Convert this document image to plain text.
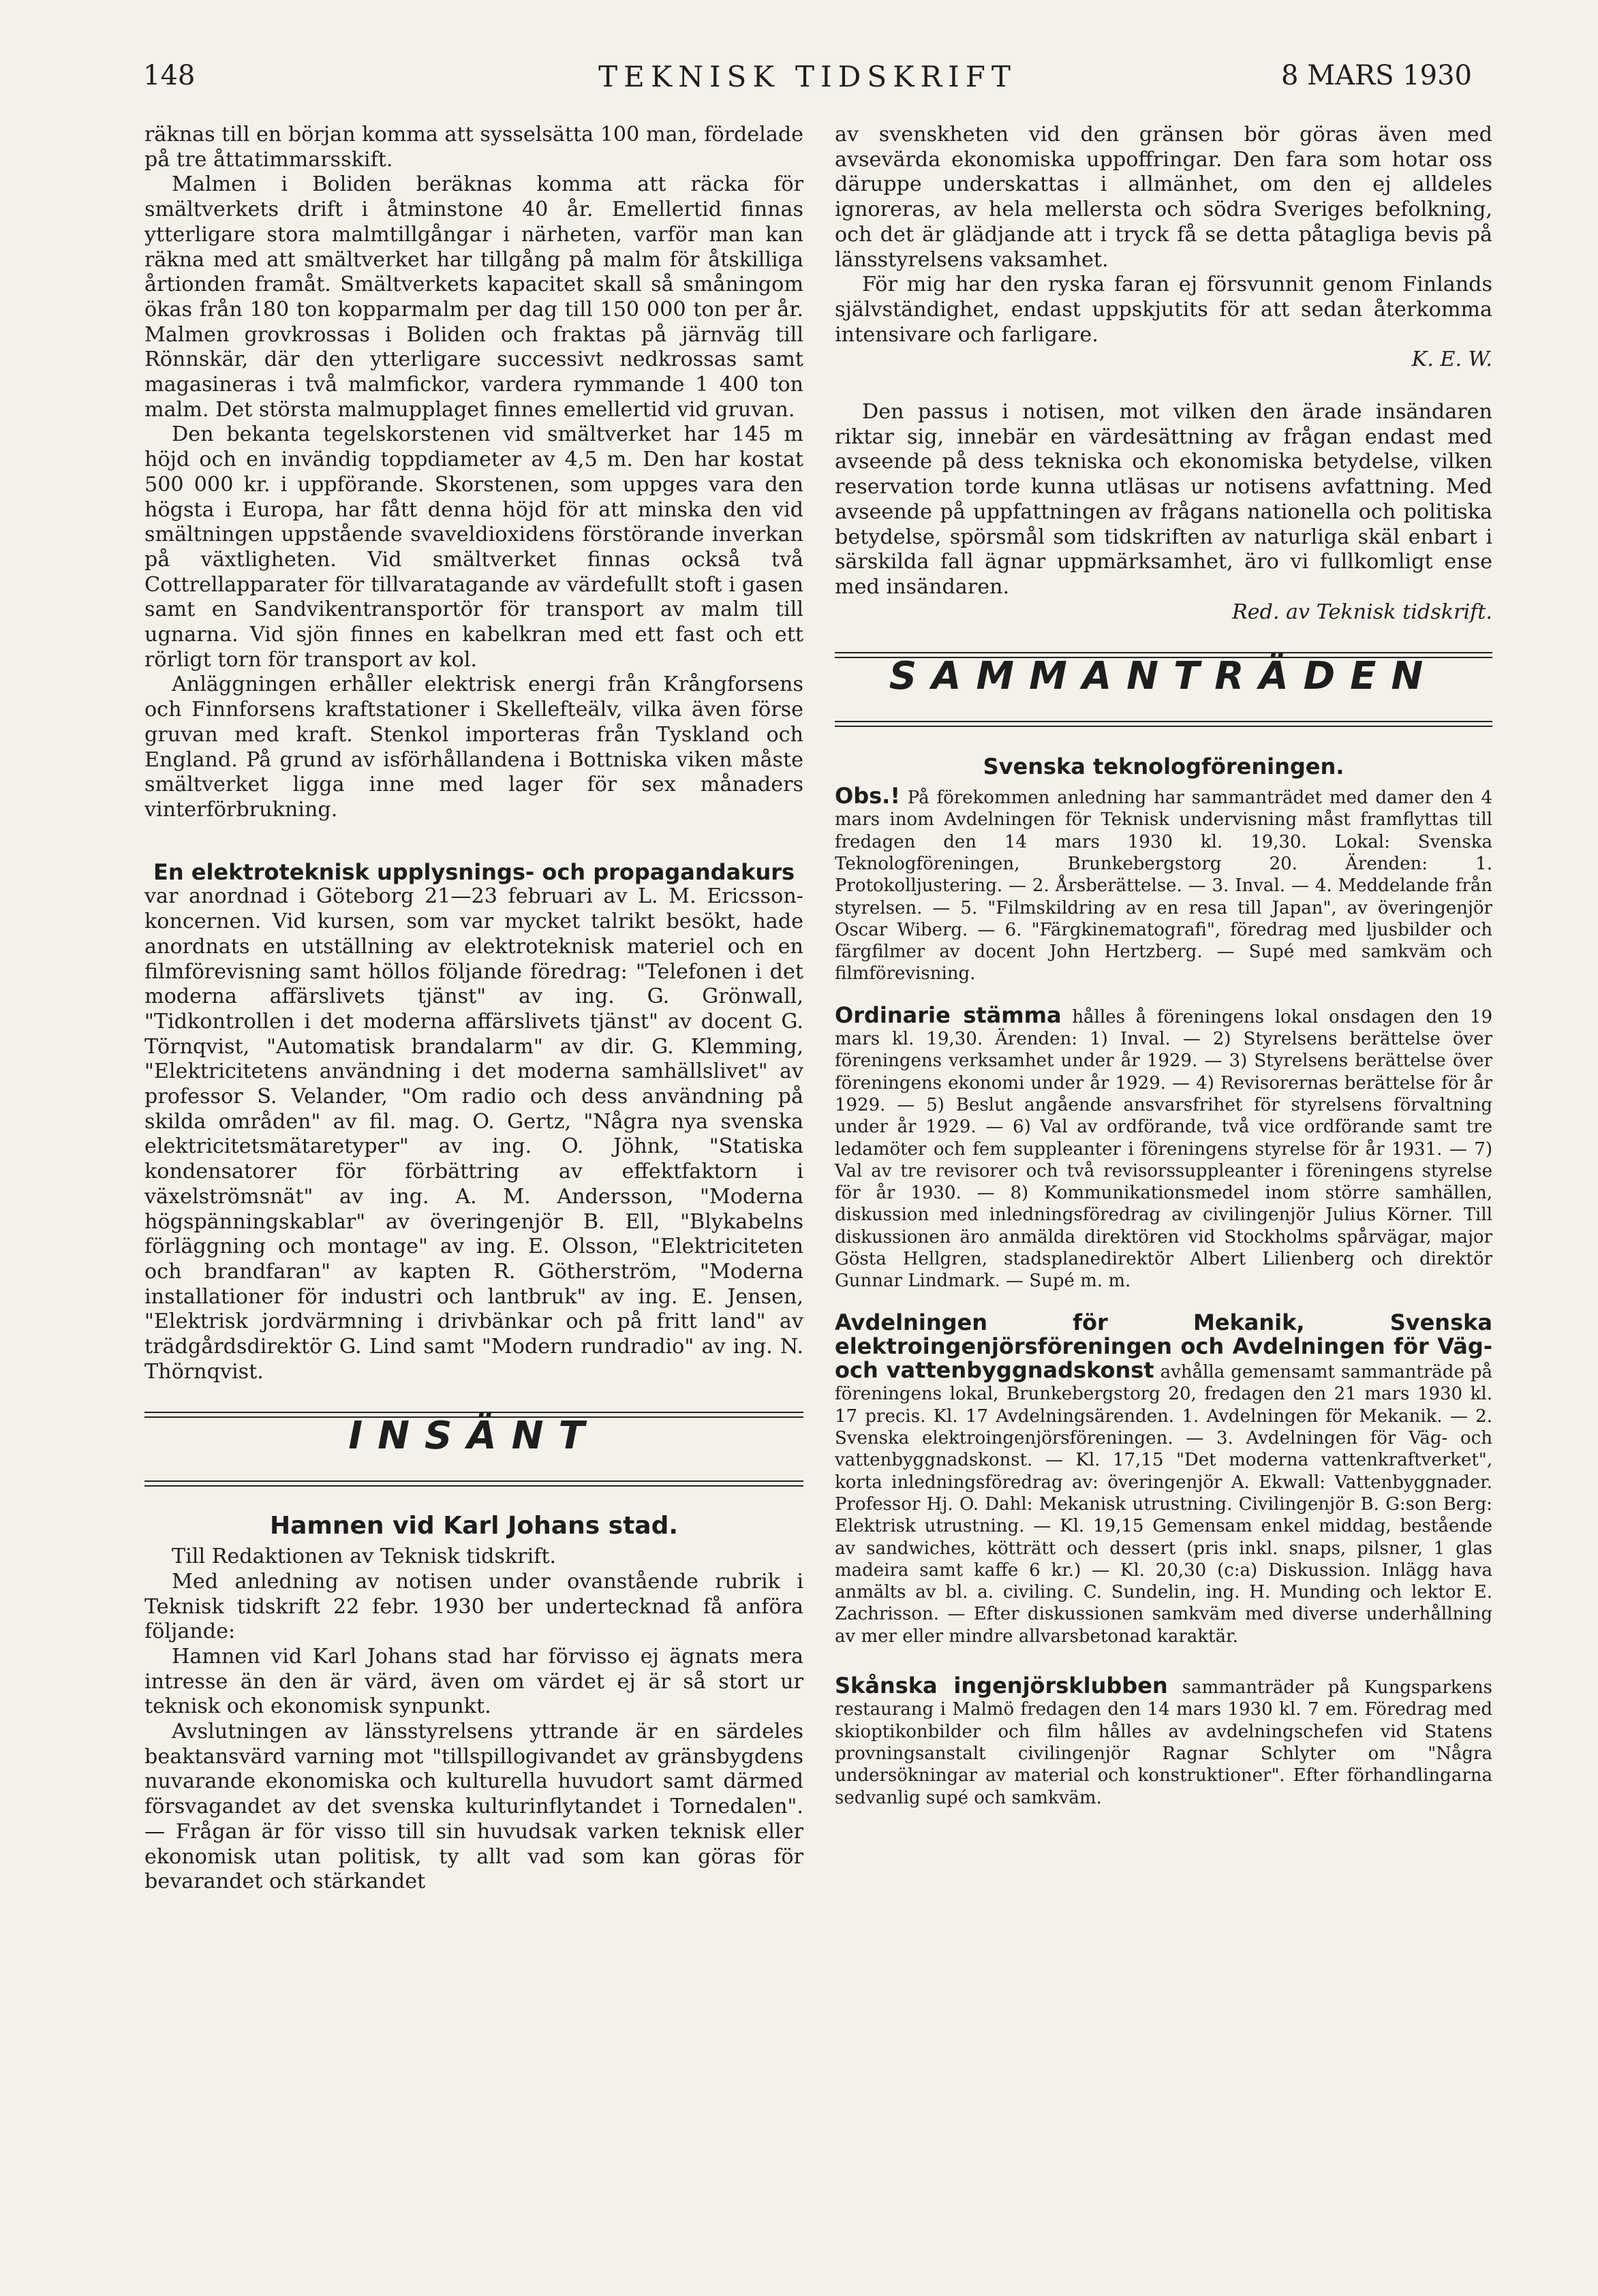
148	TEKNISK TIDSKRIFT	8 MARS 1930

räknas till en början komma att sysselsätta 100 man, fördelade på tre åttatimmarsskift.

Malmen i Boliden beräknas komma att räcka för smältverkets drift i åtminstone 40 år. Emellertid finnas ytterligare stora malmtillgångar i närheten, varför man kan räkna med att smältverket har tillgång på malm för åtskilliga årtionden framåt. Smältverkets kapacitet skall så småningom ökas från 180 ton kopparmalm per dag till 150 000 ton per år. Malmen grovkrossas i Boliden och fraktas på järnväg till Rönnskär, där den ytterligare successivt nedkrossas samt magasineras i två malmfickor, vardera rymmande 1 400 ton malm. Det största malmupplaget finnes emellertid vid gruvan.

Den bekanta tegelskorstenen vid smältverket har 145 m höjd och en invändig toppdiameter av 4,5 m. Den har kostat 500 000 kr. i uppförande. Skorstenen, som uppges vara den högsta i Europa, har fått denna höjd för att minska den vid smältningen uppstående svaveldioxidens förstörande inverkan på växtligheten. Vid smältverket finnas också två Cottrellapparater för tillvaratagande av värdefullt stoft i gasen samt en Sandvikentransportör för transport av malm till ugnarna. Vid sjön finnes en kabelkran med ett fast och ett rörligt torn för transport av kol.

Anläggningen erhåller elektrisk energi från Krångforsens och Finnforsens kraftstationer i Skellefteälv, vilka även förse gruvan med kraft. Stenkol importeras från Tyskland och England. På grund av isförhållandena i Bottniska viken måste smältverket ligga inne med lager för sex månaders vinterförbrukning.

En elektroteknisk upplysnings- och propagandakurs

var anordnad i Göteborg 21—23 februari av L. M. Ericsson-koncernen. Vid kursen, som var mycket talrikt besökt, hade anordnats en utställning av elektroteknisk materiel och en filmförevisning samt höllos följande föredrag: "Telefonen i det moderna affärslivets tjänst" av ing. G. Grönwall, "Tidkontrollen i det moderna affärslivets tjänst" av docent G. Törnqvist, "Automatisk brandalarm" av dir. G. Klemming, "Elektricitetens användning i det moderna samhällslivet" av professor S. Velander, "Om radio och dess användning på skilda områden" av fil. mag. O. Gertz, "Några nya svenska elektricitetsmätaretyper" av ing. O. Jöhnk, "Statiska kondensatorer för förbättring av effektfaktorn i växelströmsnät" av ing. A. M. Andersson, "Moderna högspänningskablar" av överingenjör B. Ell, "Blykabelns förläggning och montage" av ing. E. Olsson, "Elektriciteten och brandfaran" av kapten R. Götherström, "Moderna installationer för industri och lantbruk" av ing. E. Jensen, "Elektrisk jordvärmning i drivbänkar och på fritt land" av trädgårdsdirektör G. Lind samt "Modern rundradio" av ing. N. Thörnqvist.

INSÄNT
Hamnen vid Karl Johans stad.

Till Redaktionen av Teknisk tidskrift.

Med anledning av notisen under ovanstående rubrik i Teknisk tidskrift 22 febr. 1930 ber undertecknad få anföra följande:

Hamnen vid Karl Johans stad har förvisso ej ägnats mera intresse än den är värd, även om värdet ej är så stort ur teknisk och ekonomisk synpunkt.

Avslutningen av länsstyrelsens yttrande är en särdeles beaktansvärd varning mot "tillspillogivandet av gränsbygdens nuvarande ekonomiska och kulturella huvudort samt därmed försvagandet av det svenska kulturinflytandet i Tornedalen". — Frågan är för visso till sin huvudsak varken teknisk eller ekonomisk utan politisk, ty allt vad som kan göras för bevarandet och stärkandet

av svenskheten vid den gränsen bör göras även med avsevärda ekonomiska uppoffringar. Den fara som hotar oss däruppe underskattas i allmänhet, om den ej alldeles ignoreras, av hela mellersta och södra Sveriges befolkning, och det är glädjande att i tryck få se detta påtagliga bevis på länsstyrelsens vaksamhet.

För mig har den ryska faran ej försvunnit genom Finlands självständighet, endast uppskjutits för att sedan återkomma intensivare och farligare.

K. E. W.

Den passus i notisen, mot vilken den ärade insändaren riktar sig, innebär en värdesättning av frågan endast med avseende på dess tekniska och ekonomiska betydelse, vilken reservation torde kunna utläsas ur notisens avfattning. Med avseende på uppfattningen av frågans nationella och politiska betydelse, spörsmål som tidskriften av naturliga skäl enbart i särskilda fall ägnar uppmärksamhet, äro vi fullkomligt ense med insändaren.

Red. av Teknisk tidskrift.

SAMMANTRÄDEN
Svenska teknologföreningen.

Obs.! På förekommen anledning har sammanträdet med damer den 4 mars inom Avdelningen för Teknisk undervisning måst framflyttas till fredagen den 14 mars 1930 kl. 19,30. Lokal: Svenska Teknologföreningen, Brunkebergstorg 20. Ärenden: 1. Protokolljustering. — 2. Årsberättelse. — 3. Inval. — 4. Meddelande från styrelsen. — 5. "Filmskildring av en resa till Japan", av överingenjör Oscar Wiberg. — 6. "Färgkinematografi", föredrag med ljusbilder och färgfilmer av docent John Hertzberg. — Supé med samkväm och filmförevisning.

Ordinarie stämma hålles å föreningens lokal onsdagen den 19 mars kl. 19,30. Ärenden: 1) Inval. — 2) Styrelsens berättelse över föreningens verksamhet under år 1929. — 3) Styrelsens berättelse över föreningens ekonomi under år 1929. — 4) Revisorernas berättelse för år 1929. — 5) Beslut angående ansvarsfrihet för styrelsens förvaltning under år 1929. — 6) Val av ordförande, två vice ordförande samt tre ledamöter och fem suppleanter i föreningens styrelse för år 1931. — 7) Val av tre revisorer och två revisorssuppleanter i föreningens styrelse för år 1930. — 8) Kommunikationsmedel inom större samhällen, diskussion med inledningsföredrag av civilingenjör Julius Körner. Till diskussionen äro anmälda direktören vid Stockholms spårvägar, major Gösta Hellgren, stadsplanedirektör Albert Lilienberg och direktör Gunnar Lindmark. — Supé m. m.

Avdelningen för Mekanik, Svenska elektroingenjörsföreningen och Avdelningen för Väg- och vattenbyggnadskonst avhålla gemensamt sammanträde på föreningens lokal, Brunkebergstorg 20, fredagen den 21 mars 1930 kl. 17 precis. Kl. 17 Avdelningsärenden. 1. Avdelningen för Mekanik. — 2. Svenska elektroingenjörsföreningen. — 3. Avdelningen för Väg- och vattenbyggnadskonst. — Kl. 17,15 "Det moderna vattenkraftverket", korta inledningsföredrag av: överingenjör A. Ekwall: Vattenbyggnader. Professor Hj. O. Dahl: Mekanisk utrustning. Civilingenjör B. G:son Berg: Elektrisk utrustning. — Kl. 19,15 Gemensam enkel middag, bestående av sandwiches, kötträtt och dessert (pris inkl. snaps, pilsner, 1 glas madeira samt kaffe 6 kr.) — Kl. 20,30 (c:a) Diskussion. Inlägg hava anmälts av bl. a. civiling. C. Sundelin, ing. H. Munding och lektor E. Zachrisson. — Efter diskussionen samkväm med diverse underhållning av mer eller mindre allvarsbetonad karaktär.

Skånska ingenjörsklubben sammanträder på Kungsparkens restaurang i Malmö fredagen den 14 mars 1930 kl. 7 em. Föredrag med skioptikonbilder och film hålles av avdelningschefen vid Statens provningsanstalt civilingenjör Ragnar Schlyter om "Några undersökningar av material och konstruktioner". Efter förhandlingarna sedvanlig supé och samkväm.
